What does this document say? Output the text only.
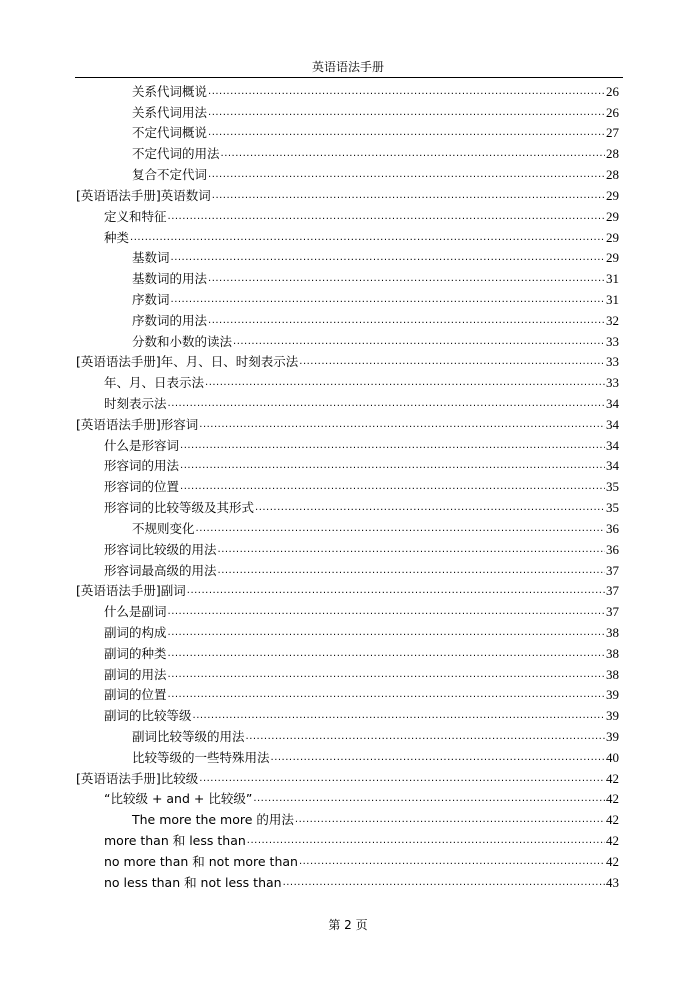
英语语法手册
关系代词概说 .....	26
关系代词用法 .....	26
不定代词概说 .....	27
不定代词的用法 .....	28
复合不定代词 .....	28
[英语语法手册]英语数词 .....	29
定义和特征 .....	29
种类 .....	29
基数词 .....	29
基数词的用法 .....	31
序数词 .....	31
序数词的用法 .....	32
分数和小数的读法 .....	33
[英语语法手册]年、月、日、时刻表示法 .....	33
年、月、日表示法 .....	33
时刻表示法 .....	34
[英语语法手册]形容词 .....	34
什么是形容词 .....	34
形容词的用法 .....	34
形容词的位置 .....	35
形容词的比较等级及其形式 .....	35
不规则变化 .....	36
形容词比较级的用法 .....	36
形容词最高级的用法 .....	37
[英语语法手册]副词 .....	37
什么是副词 .....	37
副词的构成 .....	38
副词的种类 .....	38
副词的用法 .....	38
副词的位置 .....	39
副词的比较等级 .....	39
副词比较等级的用法 .....	39
比较等级的一些特殊用法 .....	40
[英语语法手册]比较级 .....	42
“比较级 + and + 比较级” .....	42
The more the more 的用法 .....	42
more than 和 less than .....	42
no more than 和 not more than .....	42
no less than 和 not less than .....	43
第 2 页
